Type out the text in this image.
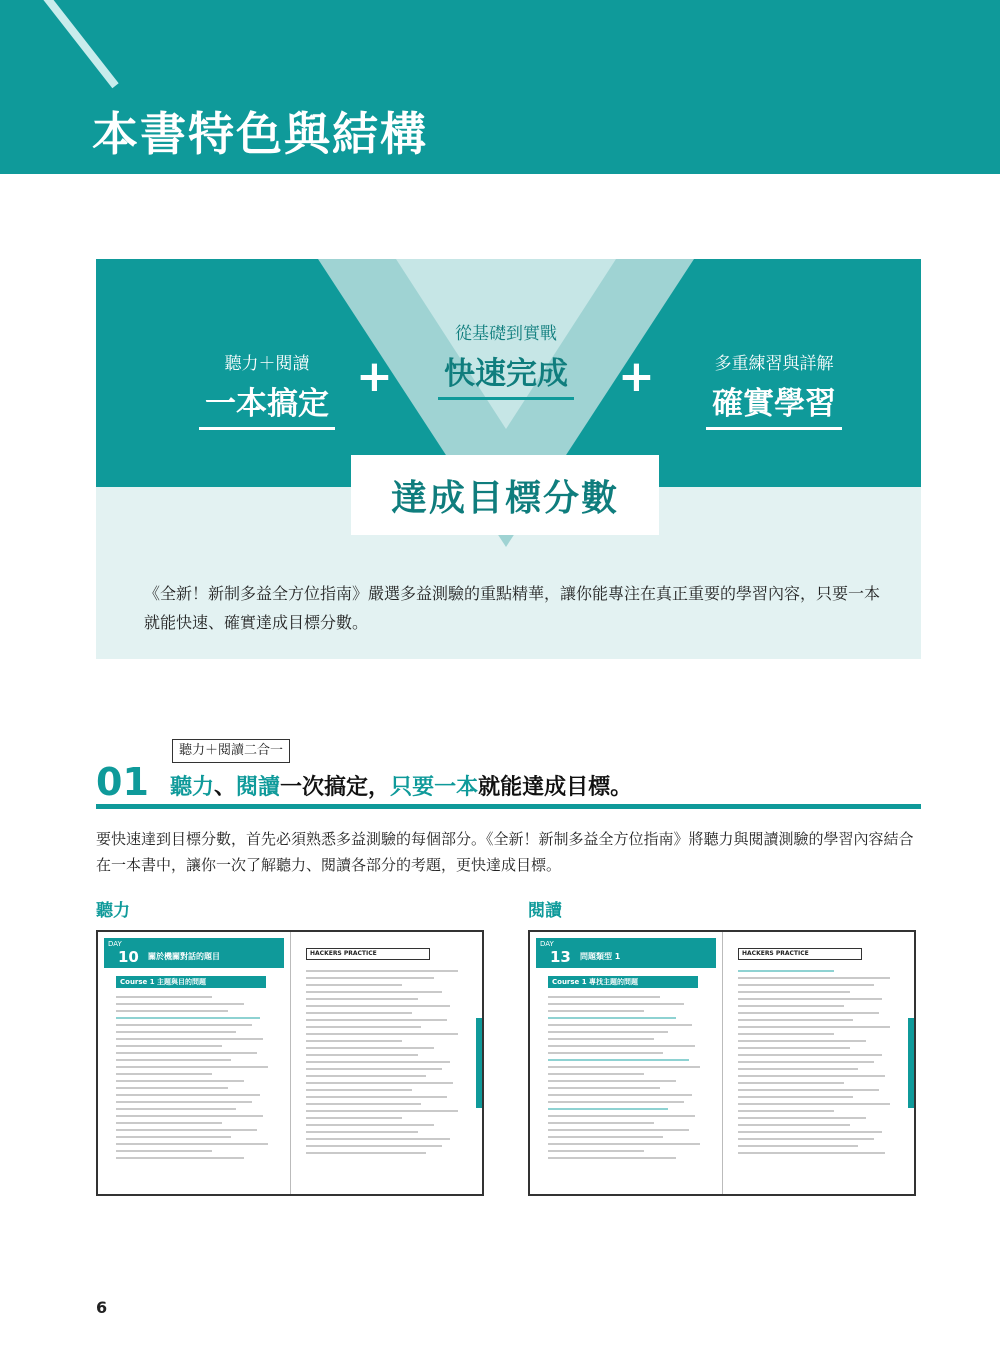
本書特色與結構
聽力＋閱讀
一本搞定
+
從基礎到實戰
快速完成	+	多重練習與詳解
確實學習
達成目標分數
《全新！新制多益全方位指南》嚴選多益測驗的重點精華，讓你能專注在真正重要的學習內容，只要一本就能快速、確實達成目標分數。
聽力＋閱讀二合一
01 聽力、閱讀一次搞定，只要一本就能達成目標。
要快速達到目標分數，首先必須熟悉多益測驗的每個部分。《全新！新制多益全方位指南》將聽力與閱讀測驗的學習內容結合在一本書中，讓你一次了解聽力、閱讀各部分的考題，更快達成目標。
聽力	閱讀
DAY
10 關於機關對話的題目
Course 1 主題與目的問題
HACKERS PRACTICE
DAY
13 問題類型 1
Course 1 專找主題的問題
HACKERS PRACTICE
6
